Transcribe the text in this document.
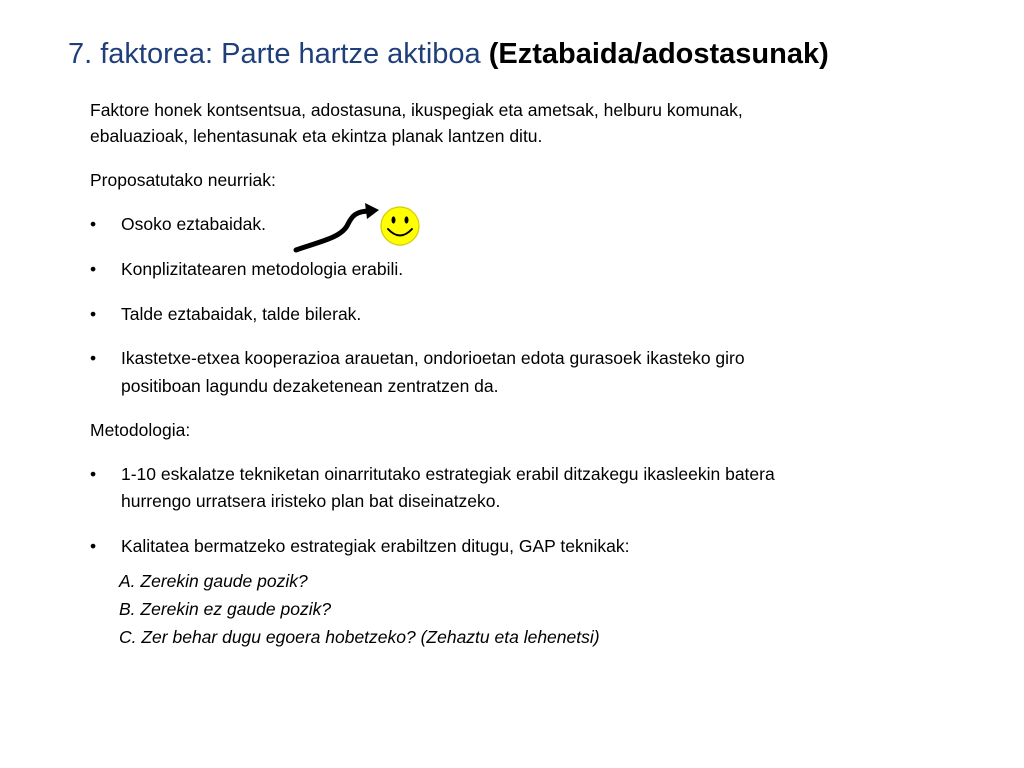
7. faktorea: Parte hartze aktiboa (Eztabaida/adostasunak)

Faktore honek kontsentsua, adostasuna, ikuspegiak eta ametsak, helburu komunak,

ebaluazioak, lehentasunak eta ekintza planak lantzen ditu.

Proposatutako neurriak:

• Osoko eztabaidak.

• Konplizitatearen metodologia erabili.

• Talde eztabaidak, talde bilerak.

• Ikastetxe-etxea kooperazioa arauetan, ondorioetan edota gurasoek ikasteko giro

positiboan lagundu dezaketenean zentratzen da.

Metodologia:

• 1-10 eskalatze tekniketan oinarritutako estrategiak erabil ditzakegu ikasleekin batera

hurrengo urratsera iristeko plan bat diseinatzeko.

• Kalitatea bermatzeko estrategiak erabiltzen ditugu, GAP teknikak:

A. Zerekin gaude pozik?

B. Zerekin ez gaude pozik?

C. Zer behar dugu egoera hobetzeko? (Zehaztu eta lehenetsi)
